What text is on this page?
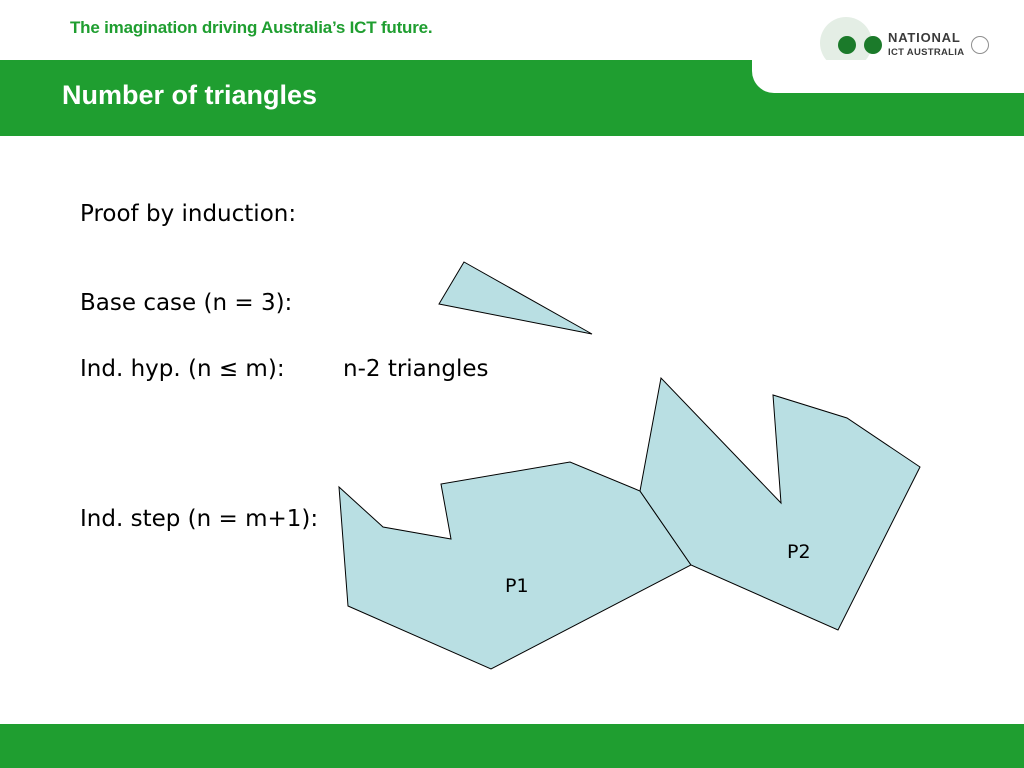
The imagination driving Australia’s ICT future.
NATIONAL
ICT AUSTRALIA
Number of triangles
Proof by induction:
Base case (n = 3):
Ind. hyp. (n ≤ m):	n-2 triangles
Ind. step (n = m+1):
P1
P2
